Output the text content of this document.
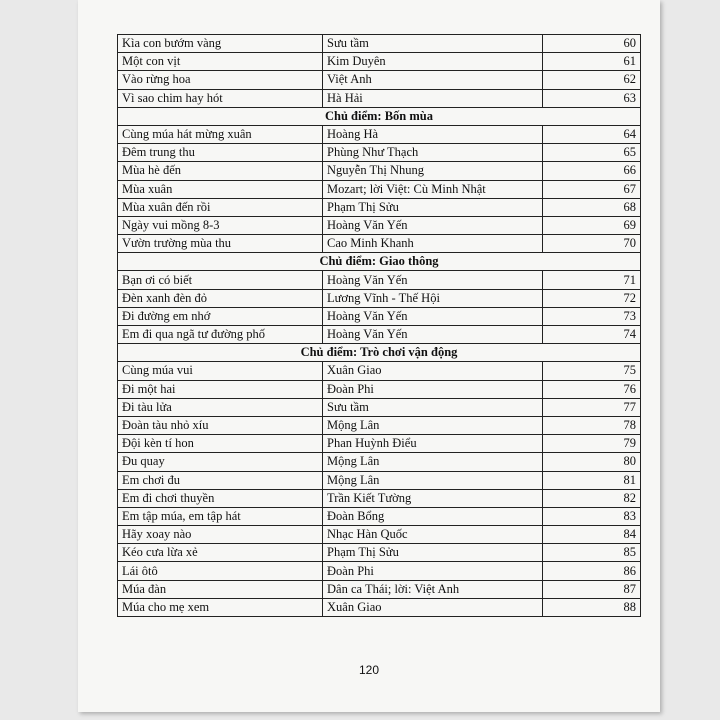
Kìa con bướm vàng	Sưu tầm	60
Một con vịt	Kim Duyên	61
Vào rừng hoa	Việt Anh	62
Vì sao chim hay hót	Hà Hải	63
Chủ điểm: Bốn mùa		
Cùng múa hát mừng xuân	Hoàng Hà	64
Đêm trung thu	Phùng Như Thạch	65
Mùa hè đến	Nguyễn Thị Nhung	66
Mùa xuân	Mozart; lời Việt: Cù Minh Nhật	67
Mùa xuân đến rồi	Phạm Thị Sửu	68
Ngày vui mồng 8-3	Hoàng Văn Yến	69
Vườn trường mùa thu	Cao Minh Khanh	70
Chủ điểm: Giao thông		
Bạn ơi có biết	Hoàng Văn Yến	71
Đèn xanh đèn đỏ	Lương Vĩnh - Thế Hội	72
Đi đường em nhớ	Hoàng Văn Yến	73
Em đi qua ngã tư đường phố	Hoàng Văn Yến	74
Chủ điểm: Trò chơi vận động		
Cùng múa vui	Xuân Giao	75
Đi một hai	Đoàn Phi	76
Đi tàu lửa	Sưu tầm	77
Đoàn tàu nhỏ xíu	Mộng Lân	78
Đội kèn tí hon	Phan Huỳnh Điểu	79
Đu quay	Mộng Lân	80
Em chơi đu	Mộng Lân	81
Em đi chơi thuyền	Trần Kiết Tường	82
Em tập múa, em tập hát	Đoàn Bổng	83
Hãy xoay nào	Nhạc Hàn Quốc	84
Kéo cưa lừa xẻ	Phạm Thị Sửu	85
Lái ôtô	Đoàn Phi	86
Múa đàn	Dân ca Thái; lời: Việt Anh	87
Múa cho mẹ xem	Xuân Giao	88
120
